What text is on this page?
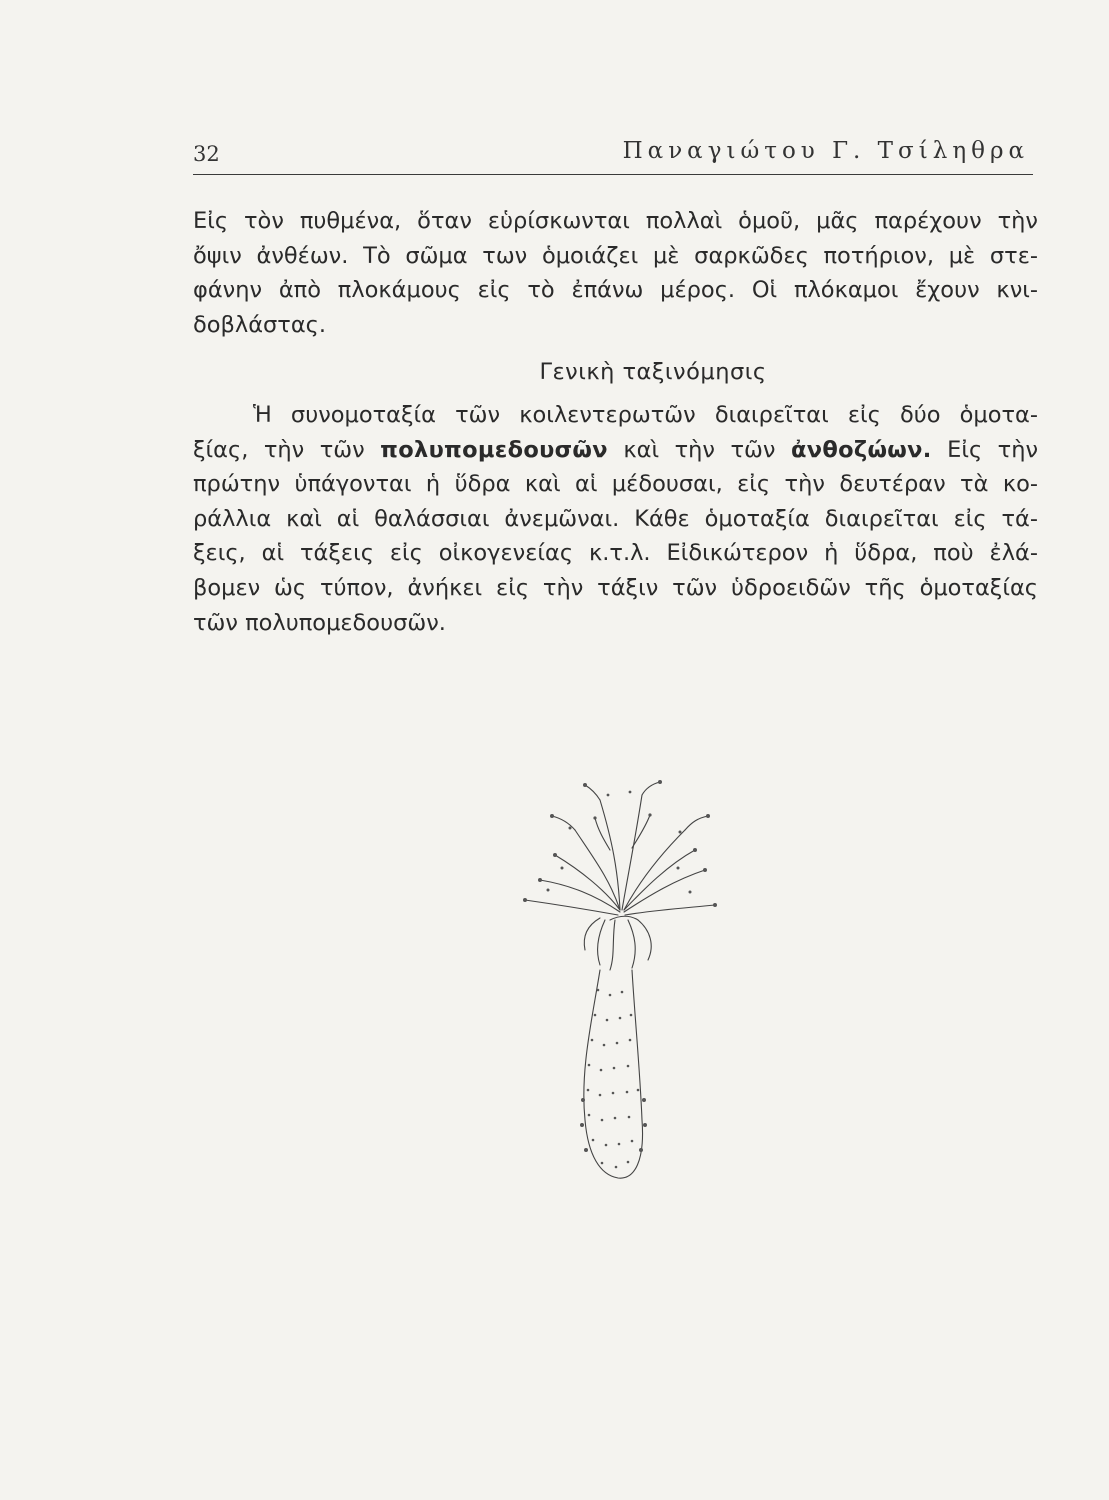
32	Παναγιώτου Γ. Τσίληθρα

Εἰς τὸν πυθμένα, ὅταν εὑρίσκωνται πολλαὶ ὁμοῦ, μᾶς παρέχουν τὴν
ὄψιν ἀνθέων. Τὸ σῶμα των ὁμοιάζει μὲ σαρκῶδες ποτήριον, μὲ στε-
φάνην ἀπὸ πλοκάμους εἰς τὸ ἐπάνω μέρος. Οἱ πλόκαμοι ἔχουν κνι-
δοβλάστας.

Γενικὴ ταξινόμησις

Ἡ συνομοταξία τῶν κοιλεντερωτῶν διαιρεῖται εἰς δύο ὁμοτα-
ξίας, τὴν τῶν πολυπομεδουσῶν καὶ τὴν τῶν ἀνθοζώων. Εἰς τὴν
πρώτην ὑπάγονται ἡ ὕδρα καὶ αἱ μέδουσαι, εἰς τὴν δευτέραν τὰ κο-
ράλλια καὶ αἱ θαλάσσιαι ἀνεμῶναι. Κάθε ὁμοταξία διαιρεῖται εἰς τά-
ξεις, αἱ τάξεις εἰς οἰκογενείας κ.τ.λ. Εἰδικώτερον ἡ ὕδρα, ποὺ ἐλά-
βομεν ὡς τύπον, ἀνήκει εἰς τὴν τάξιν τῶν ὑδροειδῶν τῆς ὁμοταξίας
τῶν πολυπομεδουσῶν.
